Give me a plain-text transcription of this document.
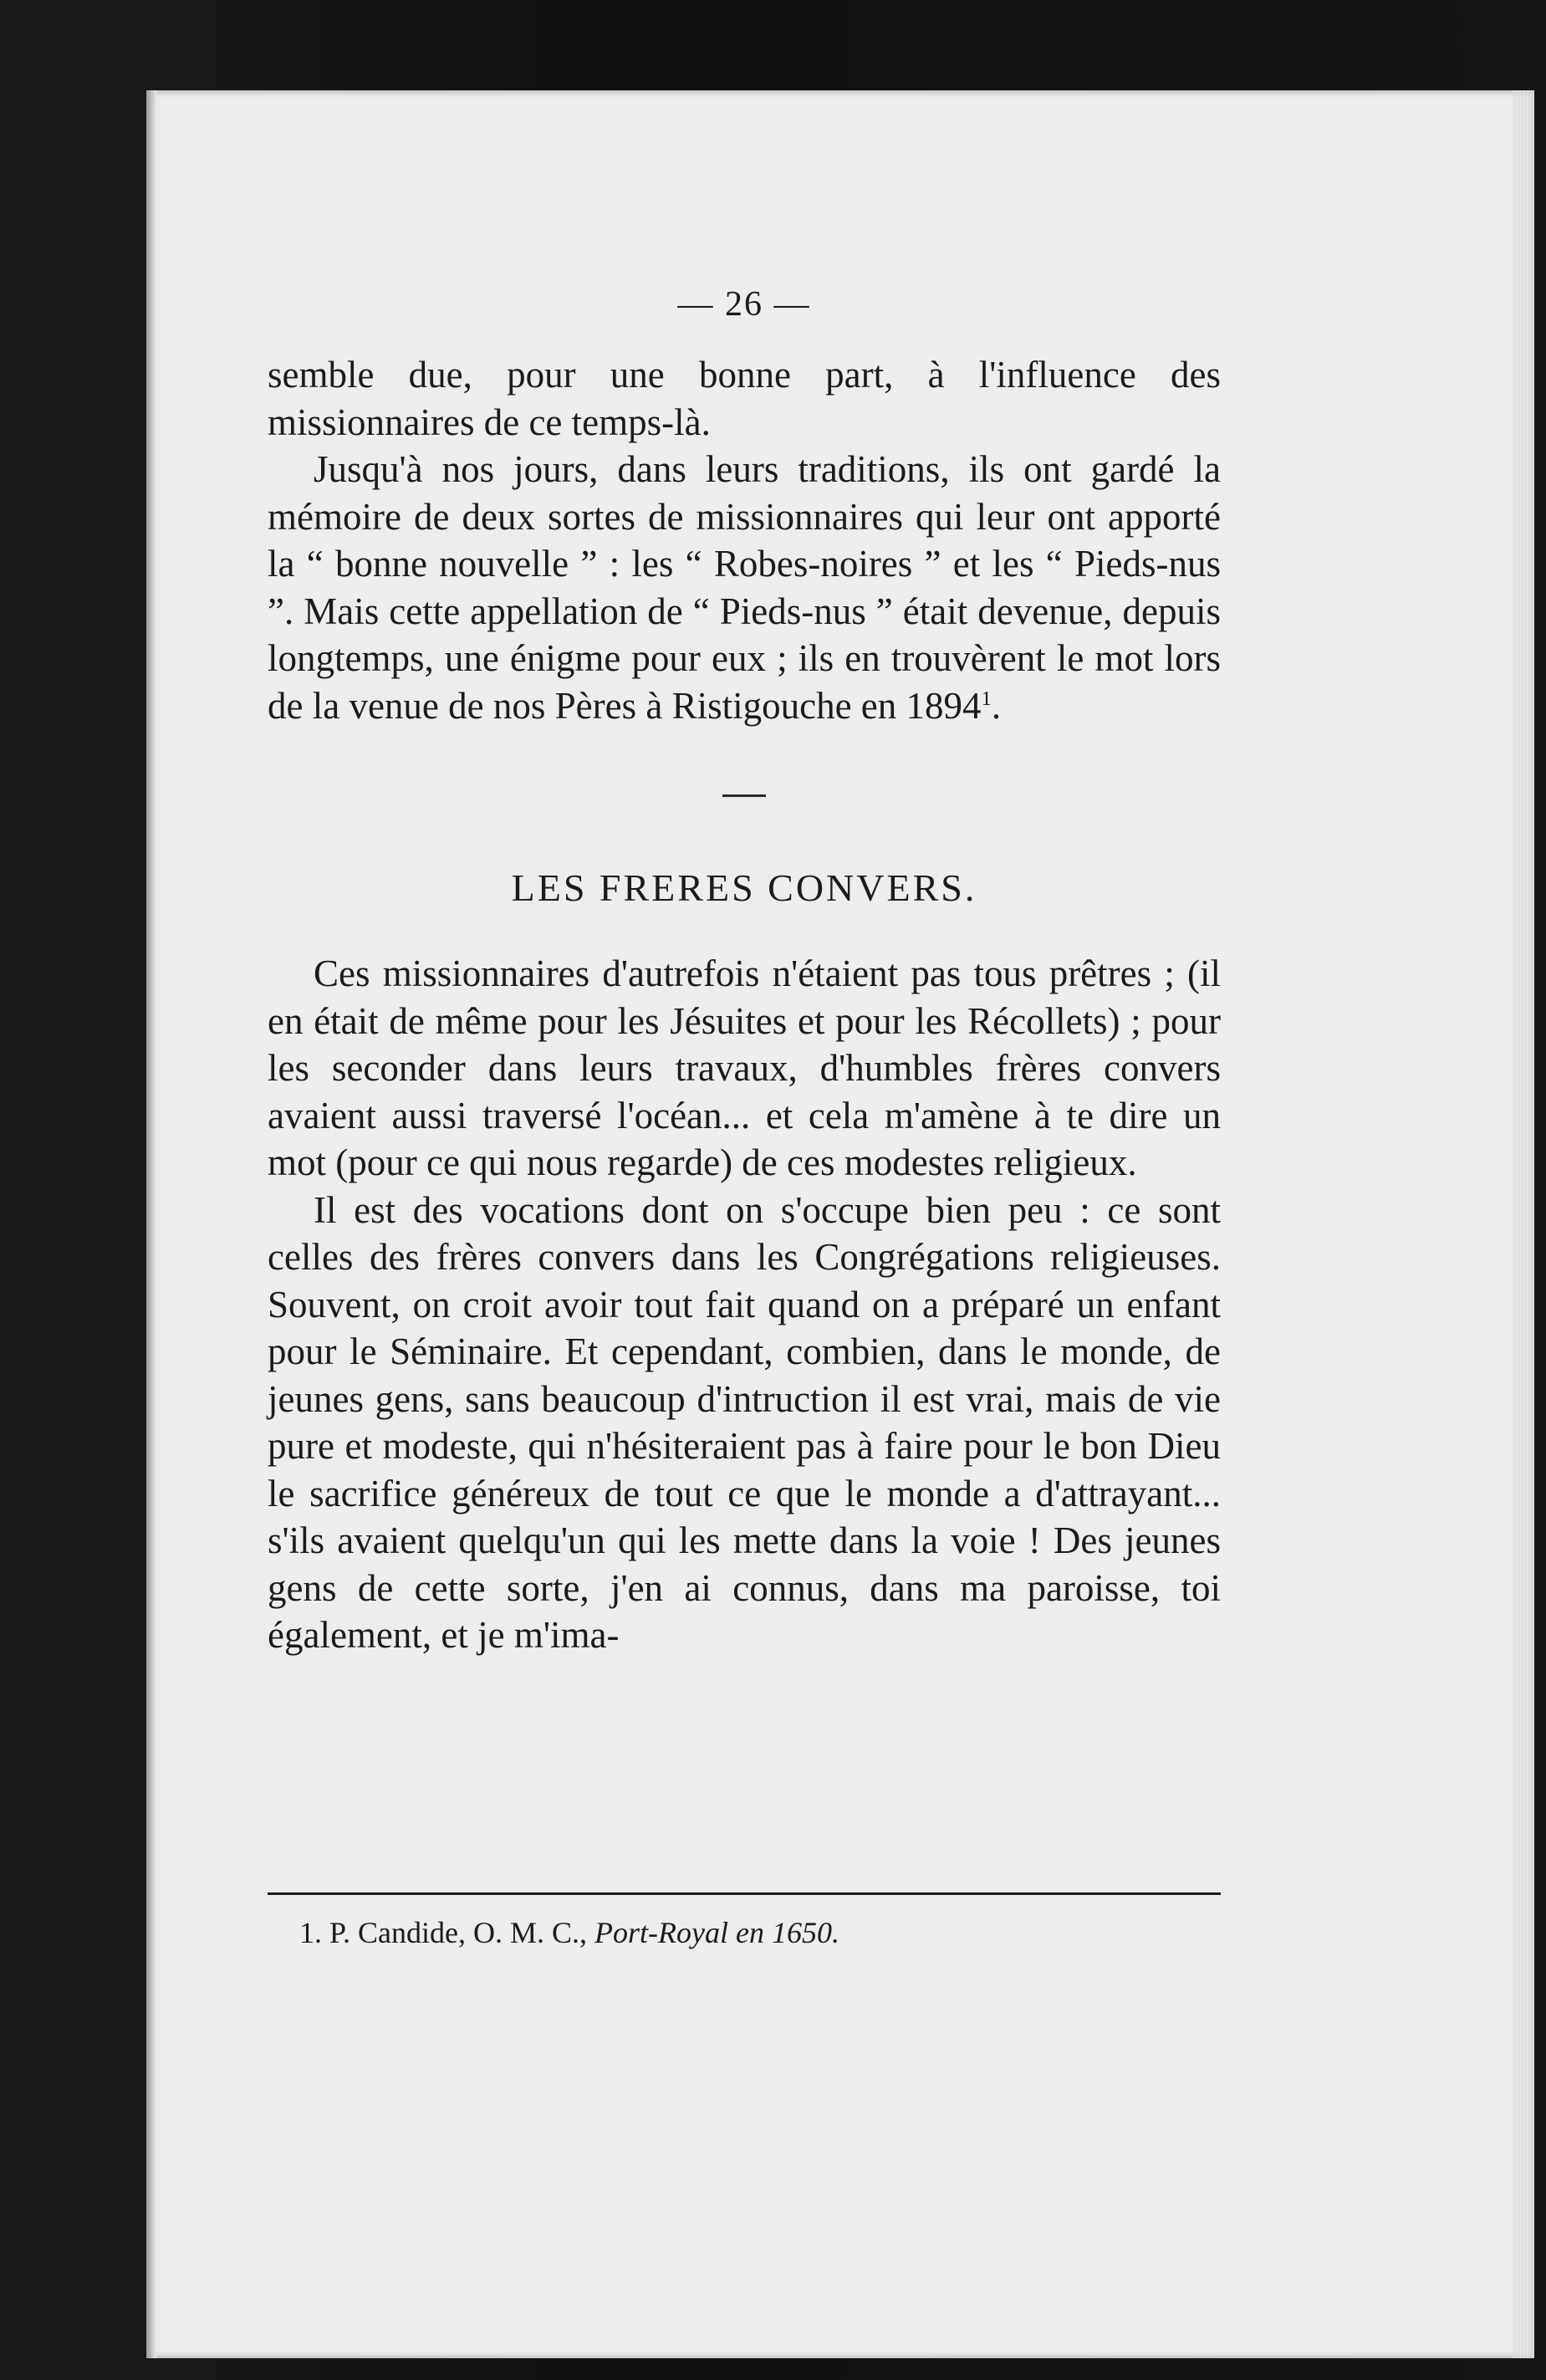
— 26 —

semble due, pour une bonne part, à l'influence des missionnaires de ce temps-là.

Jusqu'à nos jours, dans leurs traditions, ils ont gardé la mémoire de deux sortes de missionnaires qui leur ont apporté la “ bonne nouvelle ” : les “ Robes-noires ” et les “ Pieds-nus ”. Mais cette appellation de “ Pieds-nus ” était devenue, depuis longtemps, une énigme pour eux ; ils en trouvèrent le mot lors de la venue de nos Pères à Ristigouche en 1894$^1$.

LES FRERES CONVERS.

Ces missionnaires d'autrefois n'étaient pas tous prêtres ; (il en était de même pour les Jésuites et pour les Récollets) ; pour les seconder dans leurs travaux, d'humbles frères convers avaient aussi traversé l'océan... et cela m'amène à te dire un mot (pour ce qui nous regarde) de ces modestes religieux.

Il est des vocations dont on s'occupe bien peu : ce sont celles des frères convers dans les Congrégations religieuses. Souvent, on croit avoir tout fait quand on a préparé un enfant pour le Séminaire. Et cependant, combien, dans le monde, de jeunes gens, sans beaucoup d'intruction il est vrai, mais de vie pure et modeste, qui n'hésiteraient pas à faire pour le bon Dieu le sacrifice généreux de tout ce que le monde a d'attrayant... s'ils avaient quelqu'un qui les mette dans la voie ! Des jeunes gens de cette sorte, j'en ai connus, dans ma paroisse, toi également, et je m'ima-

1. P. Candide, O. M. C., Port-Royal en 1650.
